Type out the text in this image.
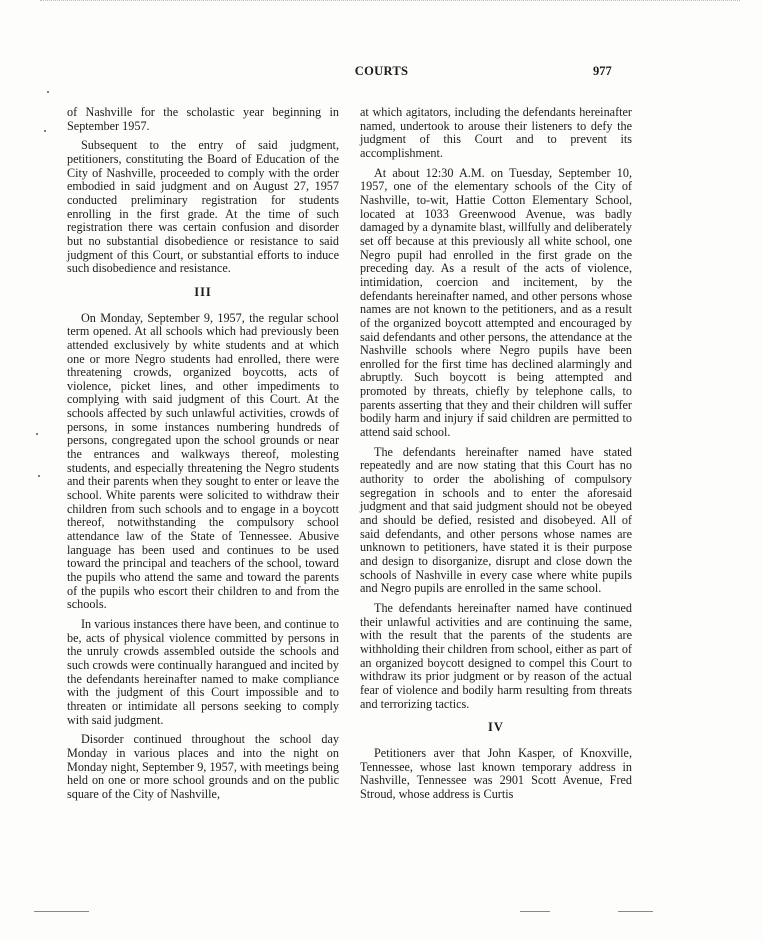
COURTS	977

of Nashville for the scholastic year beginning in September 1957.

Subsequent to the entry of said judgment, petitioners, constituting the Board of Education of the City of Nashville, proceeded to comply with the order embodied in said judgment and on August 27, 1957 conducted preliminary registration for students enrolling in the first grade. At the time of such registration there was certain confusion and disorder but no substantial disobedience or resistance to said judgment of this Court, or substantial efforts to induce such disobedience and resistance.

III

On Monday, September 9, 1957, the regular school term opened. At all schools which had previously been attended exclusively by white students and at which one or more Negro students had enrolled, there were threatening crowds, organized boycotts, acts of violence, picket lines, and other impediments to complying with said judgment of this Court. At the schools affected by such unlawful activities, crowds of persons, in some instances numbering hundreds of persons, congregated upon the school grounds or near the entrances and walkways thereof, molesting students, and especially threatening the Negro students and their parents when they sought to enter or leave the school. White parents were solicited to withdraw their children from such schools and to engage in a boycott thereof, notwithstanding the compulsory school attendance law of the State of Tennessee. Abusive language has been used and continues to be used toward the principal and teachers of the school, toward the pupils who attend the same and toward the parents of the pupils who escort their children to and from the schools.

In various instances there have been, and continue to be, acts of physical violence committed by persons in the unruly crowds assembled outside the schools and such crowds were continually harangued and incited by the defendants hereinafter named to make compliance with the judgment of this Court impossible and to threaten or intimidate all persons seeking to comply with said judgment.

Disorder continued throughout the school day Monday in various places and into the night on Monday night, September 9, 1957, with meetings being held on one or more school grounds and on the public square of the City of Nashville,

at which agitators, including the defendants hereinafter named, undertook to arouse their listeners to defy the judgment of this Court and to prevent its accomplishment.

At about 12:30 A.M. on Tuesday, September 10, 1957, one of the elementary schools of the City of Nashville, to-wit, Hattie Cotton Elementary School, located at 1033 Greenwood Avenue, was badly damaged by a dynamite blast, willfully and deliberately set off because at this previously all white school, one Negro pupil had enrolled in the first grade on the preceding day. As a result of the acts of violence, intimidation, coercion and incitement, by the defendants hereinafter named, and other persons whose names are not known to the petitioners, and as a result of the organized boycott attempted and encouraged by said defendants and other persons, the attendance at the Nashville schools where Negro pupils have been enrolled for the first time has declined alarmingly and abruptly. Such boycott is being attempted and promoted by threats, chiefly by telephone calls, to parents asserting that they and their children will suffer bodily harm and injury if said children are permitted to attend said school.

The defendants hereinafter named have stated repeatedly and are now stating that this Court has no authority to order the abolishing of compulsory segregation in schools and to enter the aforesaid judgment and that said judgment should not be obeyed and should be defied, resisted and disobeyed. All of said defendants, and other persons whose names are unknown to petitioners, have stated it is their purpose and design to disorganize, disrupt and close down the schools of Nashville in every case where white pupils and Negro pupils are enrolled in the same school.

The defendants hereinafter named have continued their unlawful activities and are continuing the same, with the result that the parents of the students are withholding their children from school, either as part of an organized boycott designed to compel this Court to withdraw its prior judgment or by reason of the actual fear of violence and bodily harm resulting from threats and terrorizing tactics.

IV

Petitioners aver that John Kasper, of Knoxville, Tennessee, whose last known temporary address in Nashville, Tennessee was 2901 Scott Avenue, Fred Stroud, whose address is Curtis
